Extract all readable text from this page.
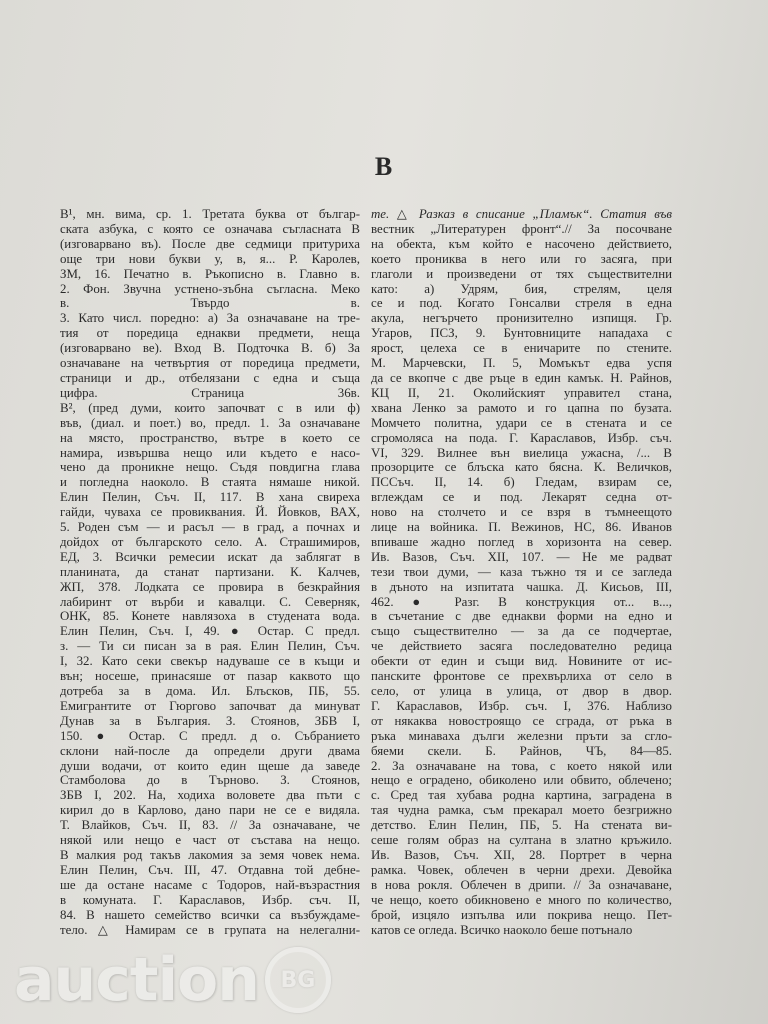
В
В¹, мн. вима, ср. 1. Третата буква от българ-
ската азбука, с която се означава съгласната В
(изговарвано въ). После две седмици притуриха
още три нови букви у, в, я... Р. Каролев,
ЗМ, 16. Печатно в. Ръкописно в. Главно в.
2. Фон. Звучна устнено-зъбна съгласна. Меко
в. Твърдо в.
3. Като числ. поредно: а) За означаване на тре-
тия от поредица еднакви предмети, неща
(изговарвано ве). Вход В. Подточка В. б) За
означаване на четвъртия от поредица предмети,
страници и др., отбелязани с една и съща
цифра. Страница 36в.
В², (пред думи, които започват с в или ф)
във, (диал. и поет.) во, предл. 1. За означаване
на място, пространство, вътре в което се
намира, извършва нещо или където е насо-
чено да проникне нещо. Съдя повдигна глава
и погледна наоколо. В стаята нямаше никой.
Елин Пелин, Съч. II, 117. В хана свиреха
гайди, чуваха се провиквания. Й. Йовков, ВАХ,
5. Роден съм — и расъл — в град, а почнах и
дойдох от българското село. А. Страшимиров,
ЕД, 3. Всички ремесии искат да заблягат в
планината, да станат партизани. К. Калчев,
ЖП, 378. Лодката се провира в безкрайния
лабиринт от върби и кавалци. С. Северняк,
ОНК, 85. Конете навлязоха в студената вода.
Елин Пелин, Съч. I, 49. ● Остар. С предл.
з. — Ти си писан за в рая. Елин Пелин, Съч.
I, 32. Като секи свекър надуваше се в къщи и
вън; носеше, принасяше от пазар каквото що
дотреба за в дома. Ил. Блъсков, ПБ, 55.
Емигрантите от Гюргово започват да минуват
Дунав за в България. З. Стоянов, ЗБВ I,
150. ● Остар. С предл. д о. Събранието
склони най-после да определи други двама
души водачи, от които един щеше да заведе
Стамболова до в Търново. З. Стоянов,
ЗБВ I, 202. На, ходиха воловете два пъти с
кирил до в Карлово, дано пари не се е видяла.
Т. Влайков, Съч. II, 83. // За означаване, че
някой или нещо е част от състава на нещо.
В малкия род такъв лакомия за земя човек нема.
Елин Пелин, Съч. III, 47. Отдавна той дебне-
ше да остане насаме с Тодоров, най-възрастния
в комуната. Г. Караславов, Избр. съч. II,
84. В нашето семейство всички са възбуждаме-
тело. △ Намирам се в групата на нелегални-
те. △ Разказ в списание „Пламък“. Статия във
вестник „Литературен фронт“.// За посочване
на обекта, към който е насочено действието,
което прониква в него или го засяга, при
глаголи и произведени от тях съществителни
като: а) Удрям, бия, стрелям, целя
се и под. Когато Гонсалви стреля в една
акула, негърчето пронизително изпищя. Гр.
Угаров, ПСЗ, 9. Бунтовниците нападаха с
ярост, целеха се в еничарите по стените.
М. Марчевски, П. 5, Момъкът едва успя
да се вкопче с две ръце в един камък. Н. Райнов,
КЦ II, 21. Околийският управител стана,
хвана Ленко за рамото и го цапна по бузата.
Момчето политна, удари се в стената и се
сгромоляса на пода. Г. Караславов, Избр. съч.
VI, 329. Вилнее вън виелица ужасна, /... В
прозорците се блъска като бясна. К. Величков,
ПССъч. II, 14. б) Гледам, взирам се,
вглеждам се и под. Лекарят седна от-
ново на столчето и се взря в тъмнеещото
лице на войника. П. Вежинов, НС, 86. Иванов
впиваше жадно поглед в хоризонта на север.
Ив. Вазов, Съч. XII, 107. — Не ме радват
тези твои думи, — каза тъжно тя и се загледа
в дъното на изпитата чашка. Д. Кисьов, III,
462. ● Разг. В конструкция от... в...,
в съчетание с две еднакви форми на едно и
също съществително — за да се подчертае,
че действието засяга последователно редица
обекти от един и същи вид. Новините от ис-
панските фронтове се прехвърлиха от село в
село, от улица в улица, от двор в двор.
Г. Караславов, Избр. съч. I, 376. Наблизо
от някаква новостроящо се сграда, от ръка в
ръка минаваха дълги железни пръти за сгло-
бяеми скели. Б. Райнов, ЧЪ, 84—85.
2. За означаване на това, с което някой или
нещо е оградено, обиколено или обвито, облечено;
с. Сред тая хубава родна картина, заградена в
тая чудна рамка, съм прекарал моето безгрижно
детство. Елин Пелин, ПБ, 5. На стената ви-
сеше голям образ на султана в златно кръжило.
Ив. Вазов, Съч. XII, 28. Портрет в черна
рамка. Човек, облечен в черни дрехи. Девойка
в нова рокля. Облечен в дрипи. // За означаване,
че нещо, което обикновено е много по количество,
брой, изцяло изпълва или покрива нещо. Пет-
катов се огледа. Всичко наоколо беше потънало
auction BG
